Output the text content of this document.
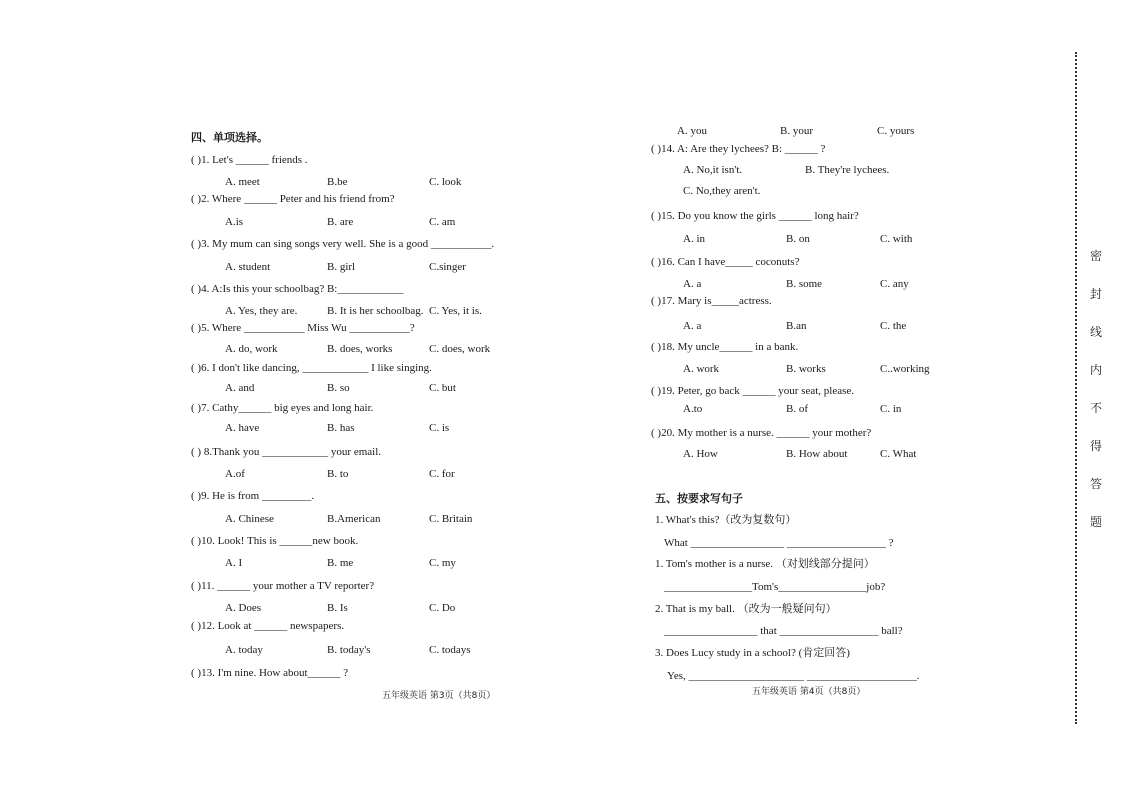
四、单项选择。
( )1. Let's ______ friends .
A. meet	B.be	C. look
( )2. Where ______ Peter and his friend from?
A.is	B. are	C. am
( )3. My mum can sing songs very well. She is a good ___________.
A. student	B. girl	C.singer
( )4. A:Is this your schoolbag? B:____________
A. Yes, they are.	B. It is her schoolbag. C. Yes, it is.
( )5. Where ___________ Miss Wu ___________?
A. do, work	B. does, works	C. does, work
( )6. I don't like dancing, ____________ I like singing.
A. and	B. so	C. but
( )7. Cathy______ big eyes and long hair.
A. have	B. has	C. is
( ) 8.Thank you ____________ your email.
A.of	B. to	C. for
( )9. He is from _________.
A. Chinese	B.American	C. Britain
( )10. Look! This is ______new book.
A. I	B. me	C. my
( )11. ______ your mother a TV reporter?
A. Does	B. Is	C. Do
( )12. Look at ______ newspapers.
A. today	B. today's	C. todays
( )13. I'm nine. How about______ ?
A. you	B. your	C. yours
( )14. A: Are they lychees? B: ______ ?
A. No,it isn't.	B. They're lychees.
C. No,they aren't.
( )15. Do you know the girls ______ long hair?
A. in	B. on	C. with
( )16. Can I have_____ coconuts?
A. a	B. some	C. any
( )17. Mary is_____actress.
A. a	B.an	C. the
( )18. My uncle______ in a bank.
A. work	B. works	C..working
( )19. Peter, go back ______ your seat, please.
A.to	B. of	C. in
( )20. My mother is a nurse. ______ your mother?
A. How	B. How about	C. What
五、按要求写句子
1. What's this?（改为复数句）
What _________________ __________________ ?
1. Tom's mother is a nurse. （对划线部分提问）
________________Tom's________________job?
2. That is my ball. （改为一般疑问句）
_________________ that __________________ ball?
3. Does Lucy study in a school? (肯定回答)
Yes, _____________________ ____________________.
五年级英语 第3页（共8页）	五年级英语 第4页（共8页）
密
封
线
内
不
得
答
题
